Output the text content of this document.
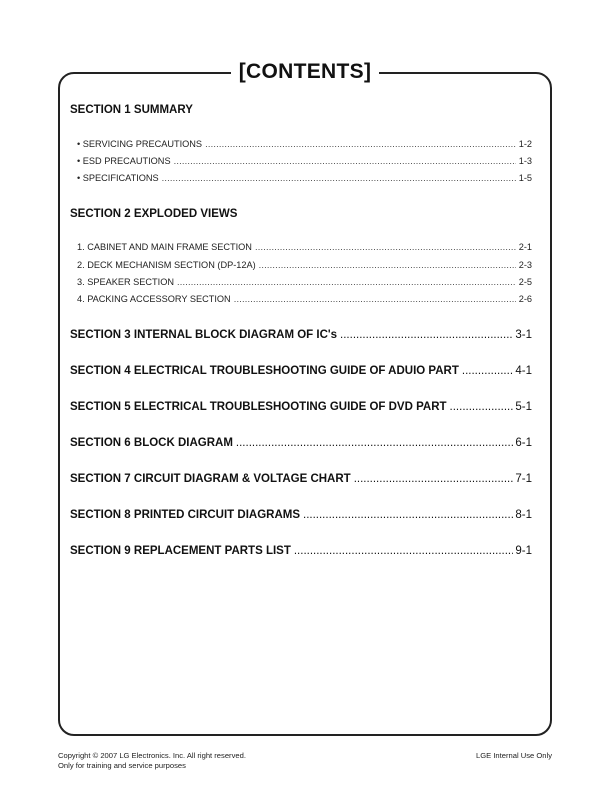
[CONTENTS]
SECTION 1 SUMMARY
• SERVICING PRECAUTIONS .....	1-2
• ESD PRECAUTIONS .....	1-3
• SPECIFICATIONS .....	1-5
SECTION 2 EXPLODED VIEWS
1. CABINET AND MAIN FRAME SECTION .....	2-1
2. DECK MECHANISM SECTION (DP-12A) .....	2-3
3. SPEAKER SECTION .....	2-5
4. PACKING ACCESSORY SECTION .....	2-6
SECTION 3 INTERNAL BLOCK DIAGRAM OF IC's .....	3-1
SECTION 4 ELECTRICAL TROUBLESHOOTING GUIDE OF ADUIO PART .....	4-1
SECTION 5 ELECTRICAL TROUBLESHOOTING GUIDE OF DVD PART .....	5-1
SECTION 6 BLOCK DIAGRAM .....	6-1
SECTION 7 CIRCUIT DIAGRAM & VOLTAGE CHART .....	7-1
SECTION 8 PRINTED CIRCUIT DIAGRAMS .....	8-1
SECTION 9 REPLACEMENT PARTS LIST .....	9-1
Copyright © 2007 LG Electronics. Inc. All right reserved.
Only for training and service purposes
LGE Internal Use Only
